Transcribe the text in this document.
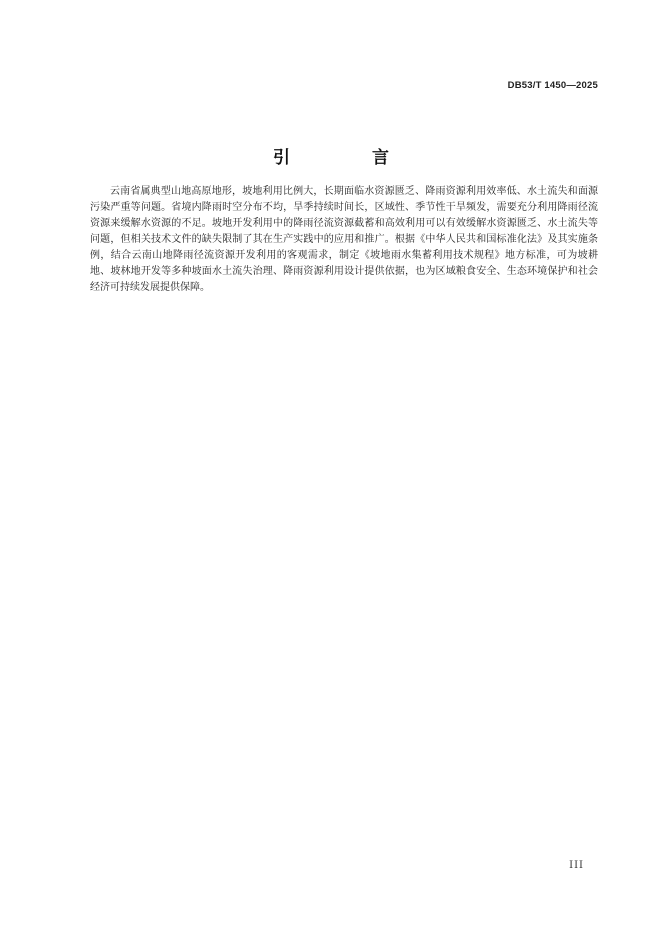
DB53/T 1450—2025
引 言

云南省属典型山地高原地形，坡地利用比例大，长期面临水资源匮乏、降雨资源利用效率低、水土流失和面源污染严重等问题。省境内降雨时空分布不均，旱季持续时间长，区域性、季节性干旱频发，需要充分利用降雨径流资源来缓解水资源的不足。坡地开发利用中的降雨径流资源截蓄和高效利用可以有效缓解水资源匮乏、水土流失等问题，但相关技术文件的缺失限制了其在生产实践中的应用和推广。根据《中华人民共和国标准化法》及其实施条例，结合云南山地降雨径流资源开发利用的客观需求，制定《坡地雨水集蓄利用技术规程》地方标准，可为坡耕地、坡林地开发等多种坡面水土流失治理、降雨资源利用设计提供依据，也为区域粮食安全、生态环境保护和社会经济可持续发展提供保障。

III
